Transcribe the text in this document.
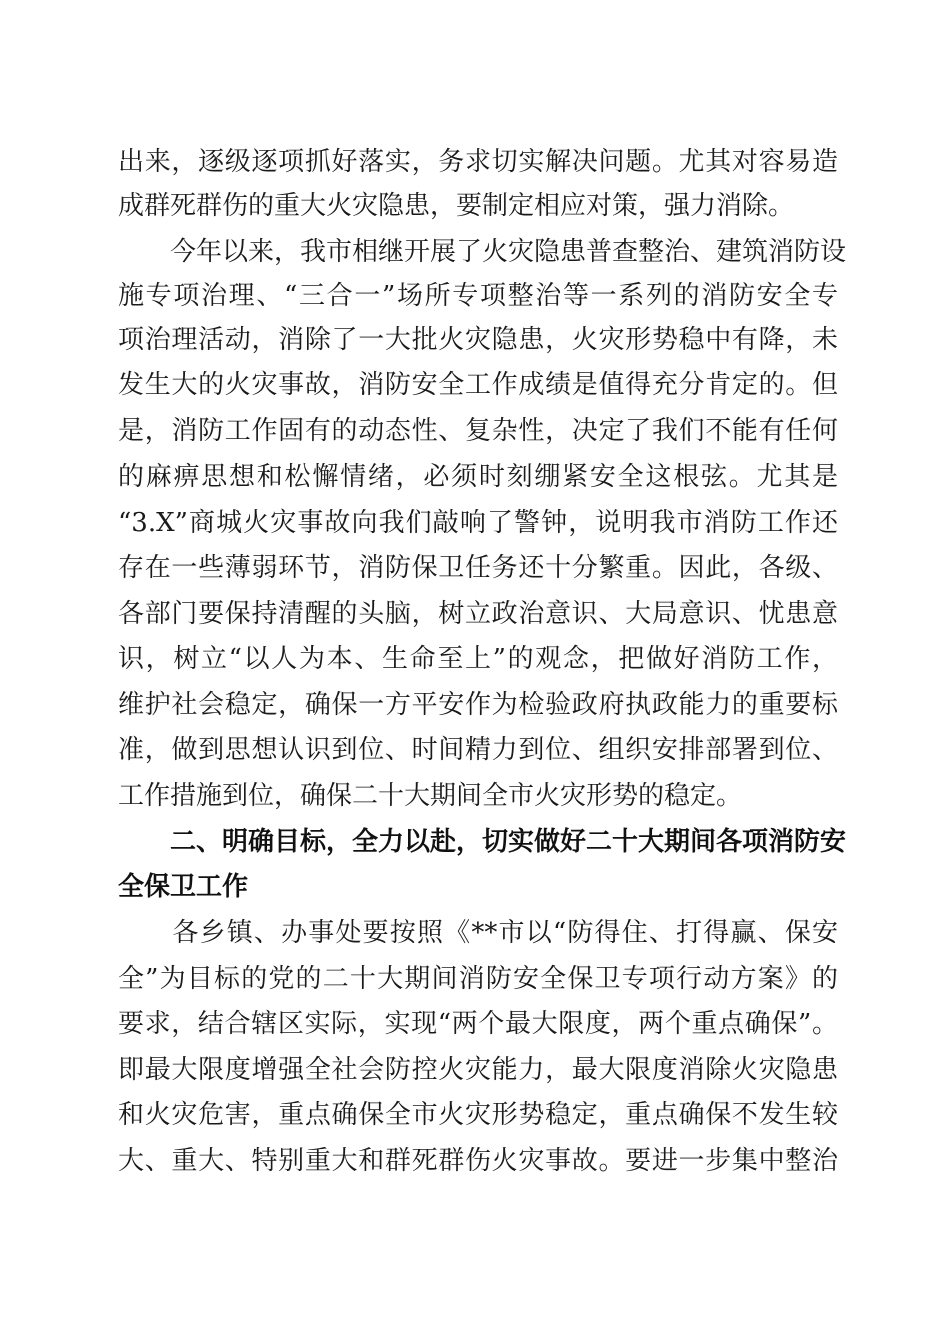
出来，逐级逐项抓好落实，务求切实解决问题。尤其对容易造
成群死群伤的重大火灾隐患，要制定相应对策，强力消除。
　　今年以来，我市相继开展了火灾隐患普查整治、建筑消防设
施专项治理、“三合一”场所专项整治等一系列的消防安全专
项治理活动，消除了一大批火灾隐患，火灾形势稳中有降，未
发生大的火灾事故，消防安全工作成绩是值得充分肯定的。但
是，消防工作固有的动态性、复杂性，决定了我们不能有任何
的麻痹思想和松懈情绪，必须时刻绷紧安全这根弦。尤其是
“3.X”商城火灾事故向我们敲响了警钟，说明我市消防工作还
存在一些薄弱环节，消防保卫任务还十分繁重。因此，各级、
各部门要保持清醒的头脑，树立政治意识、大局意识、忧患意
识，树立“以人为本、生命至上”的观念，把做好消防工作，
维护社会稳定，确保一方平安作为检验政府执政能力的重要标
准，做到思想认识到位、时间精力到位、组织安排部署到位、
工作措施到位，确保二十大期间全市火灾形势的稳定。
　　二、明确目标，全力以赴，切实做好二十大期间各项消防安
全保卫工作
　　各乡镇、办事处要按照《**市以“防得住、打得赢、保安
全”为目标的党的二十大期间消防安全保卫专项行动方案》的
要求，结合辖区实际，实现“两个最大限度，两个重点确保”。
即最大限度增强全社会防控火灾能力，最大限度消除火灾隐患
和火灾危害，重点确保全市火灾形势稳定，重点确保不发生较
大、重大、特别重大和群死群伤火灾事故。要进一步集中整治
